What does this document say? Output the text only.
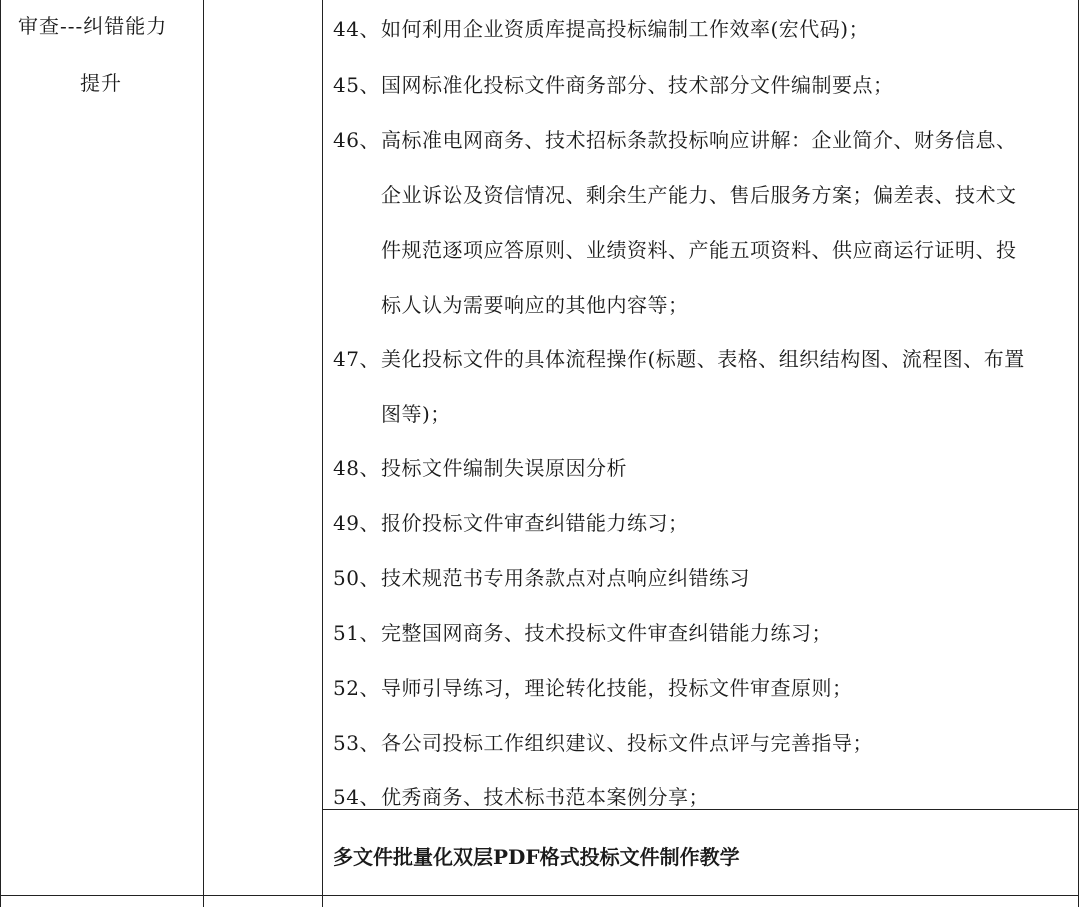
审查---纠错能力
提升
44、 如何利用企业资质库提高投标编制工作效率(宏代码)；
45、 国网标准化投标文件商务部分、技术部分文件编制要点；
46、 高标准电网商务、技术招标条款投标响应讲解：企业简介、财务信息、
企业诉讼及资信情况、剩余生产能力、售后服务方案；偏差表、技术文
件规范逐项应答原则、业绩资料、产能五项资料、供应商运行证明、投
标人认为需要响应的其他内容等；
47、 美化投标文件的具体流程操作(标题、表格、组织结构图、流程图、布置
图等)；
48、 投标文件编制失误原因分析
49、 报价投标文件审查纠错能力练习；
50、 技术规范书专用条款点对点响应纠错练习
51、 完整国网商务、技术投标文件审查纠错能力练习；
52、 导师引导练习，理论转化技能，投标文件审查原则；
53、 各公司投标工作组织建议、投标文件点评与完善指导；
54、 优秀商务、技术标书范本案例分享；
多文件批量化双层PDF格式投标文件制作教学
